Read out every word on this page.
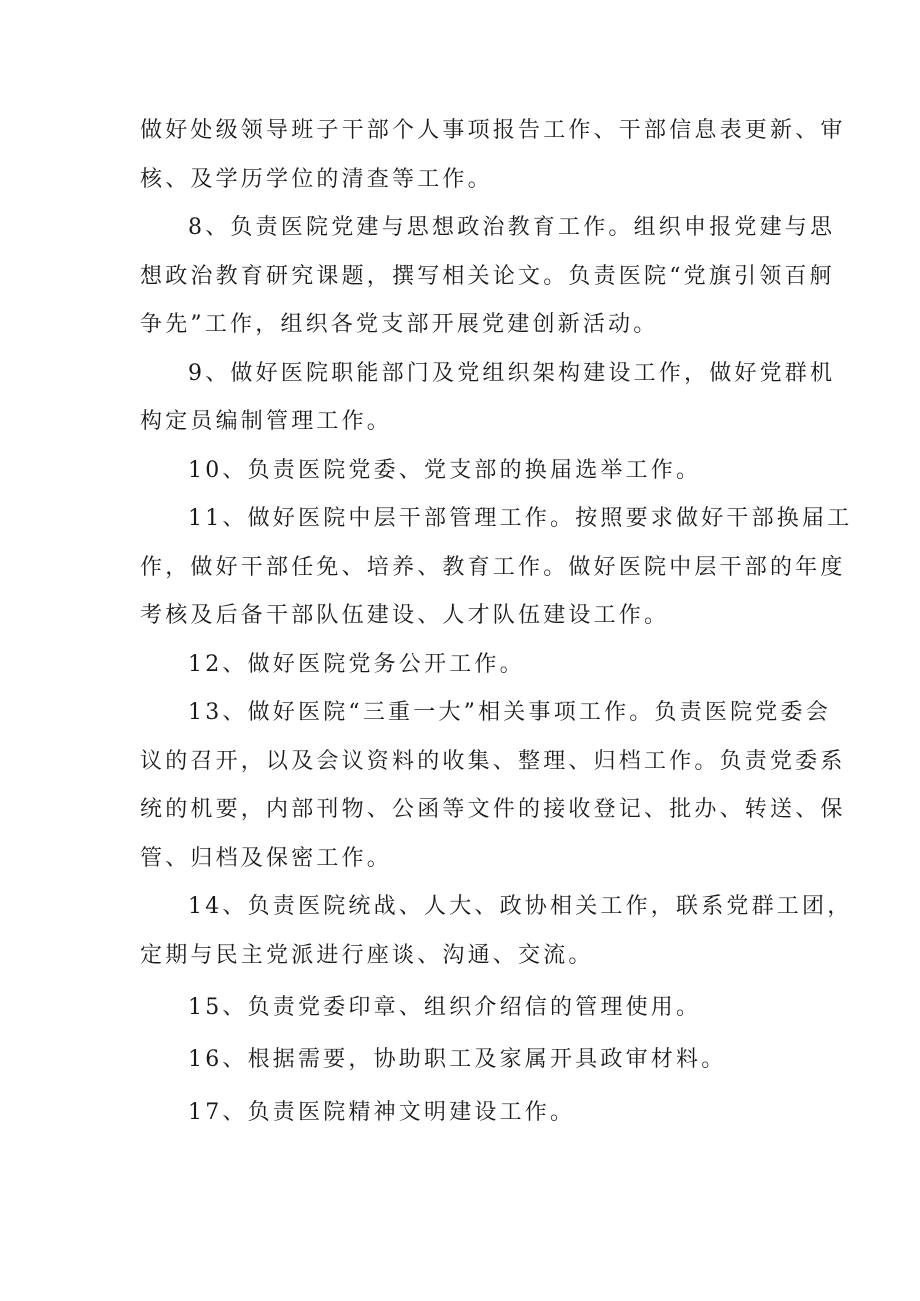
做好处级领导班子干部个人事项报告工作、干部信息表更新、审
核、及学历学位的清查等工作。
8、负责医院党建与思想政治教育工作。组织申报党建与思
想政治教育研究课题，撰写相关论文。负责医院“党旗引领百舸
争先”工作，组织各党支部开展党建创新活动。
9、做好医院职能部门及党组织架构建设工作，做好党群机
构定员编制管理工作。
10、负责医院党委、党支部的换届选举工作。
11、做好医院中层干部管理工作。按照要求做好干部换届工
作，做好干部任免、培养、教育工作。做好医院中层干部的年度
考核及后备干部队伍建设、人才队伍建设工作。
12、做好医院党务公开工作。
13、做好医院“三重一大”相关事项工作。负责医院党委会
议的召开，以及会议资料的收集、整理、归档工作。负责党委系
统的机要，内部刊物、公函等文件的接收登记、批办、转送、保
管、归档及保密工作。
14、负责医院统战、人大、政协相关工作，联系党群工团，
定期与民主党派进行座谈、沟通、交流。
15、负责党委印章、组织介绍信的管理使用。
16、根据需要，协助职工及家属开具政审材料。
17、负责医院精神文明建设工作。
